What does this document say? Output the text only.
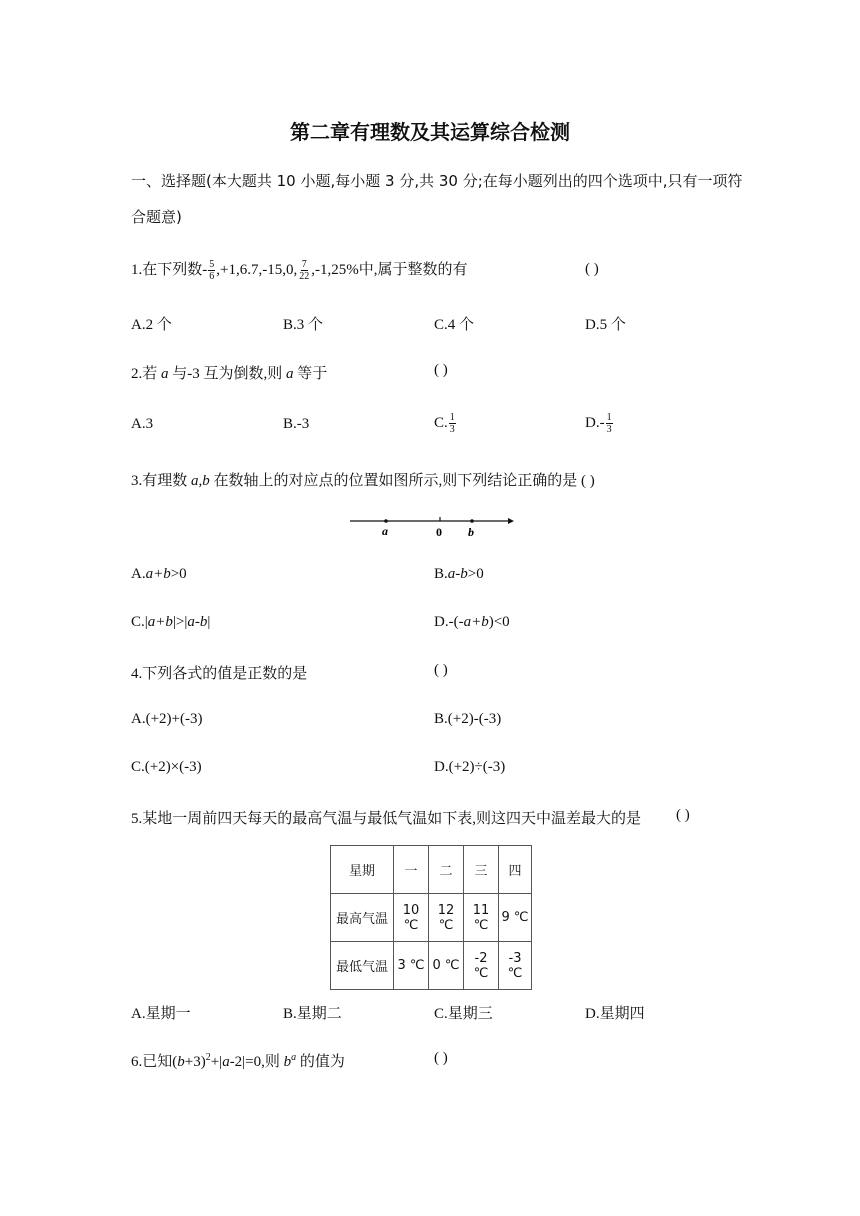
第二章有理数及其运算综合检测
一、选择题(本大题共 10 小题,每小题 3 分,共 30 分;在每小题列出的四个选项中,只有一项符
合题意)
1.在下列数- $\frac{5}{6} ,+1,6.7,-15,0$, $\frac{7}{22} ,-1,25\%$中,属于整数的有	( )
A.2 个	B.3 个	C.4 个	D.5 个
2.若 a 与-3 互为倒数,则 a 等于	( )
A.3	B.-3	C. $\frac{1}{3}$	$D.- \frac{1}{3}$
3.有理数 a,b 在数轴上的对应点的位置如图所示,则下列结论正确的是 ( )
a	0 b
A.a+b>0	B.a-b>0
C.|a+b|>|a-b|	D.-(-a+b)<0
4.下列各式的值是正数的是	( )
A.(+2)+(-3)	B.(+2)-(-3)
C.(+2)×(-3)	D.(+2)÷(-3)
5.某地一周前四天每天的最高气温与最低气温如下表,则这四天中温差最大的是 ( )
星期	一	二	三	四
最高气温	10 ℃	12 ℃	11 ℃	9 ℃
最低气温	3 ℃	0 ℃	-2 ℃	-3 ℃
A.星期一	B.星期二	C.星期三	D.星期四
6.已知$(b+3)^2+|a-2|=0$,则 $b^a$ 的值为	( )
